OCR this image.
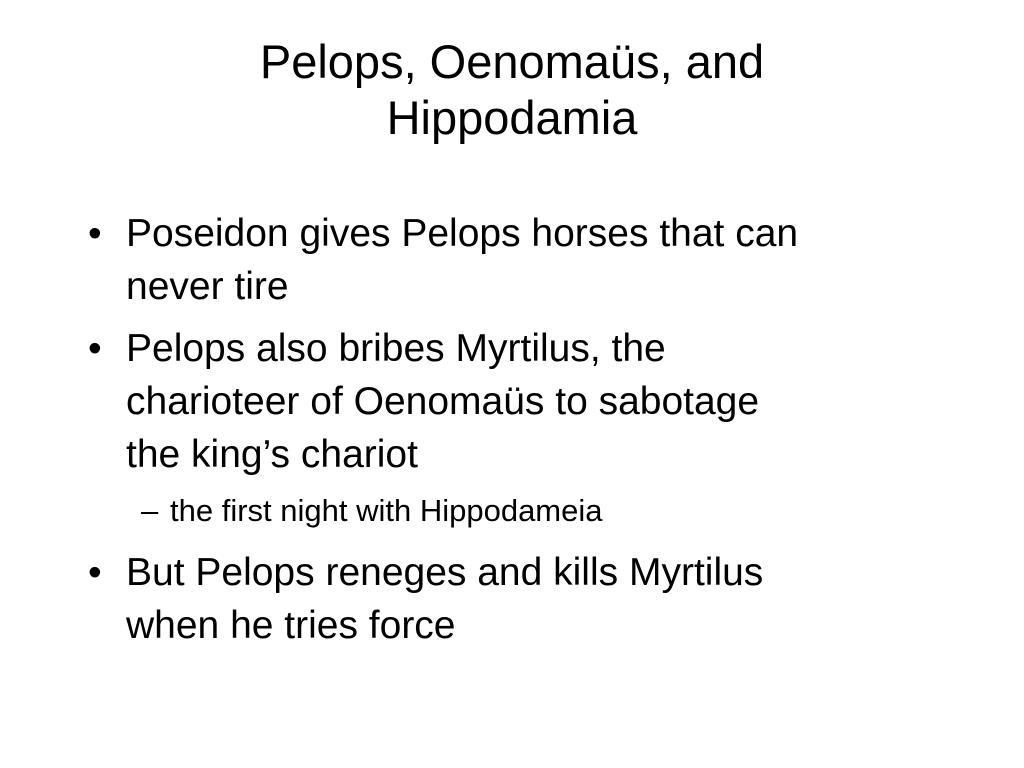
Pelops, Oenomaüs, and
Hippodamia
• Poseidon gives Pelops horses that can
never tire
• Pelops also bribes Myrtilus, the
charioteer of Oenomaüs to sabotage
the king’s chariot
– the first night with Hippodameia
• But Pelops reneges and kills Myrtilus
when he tries force
